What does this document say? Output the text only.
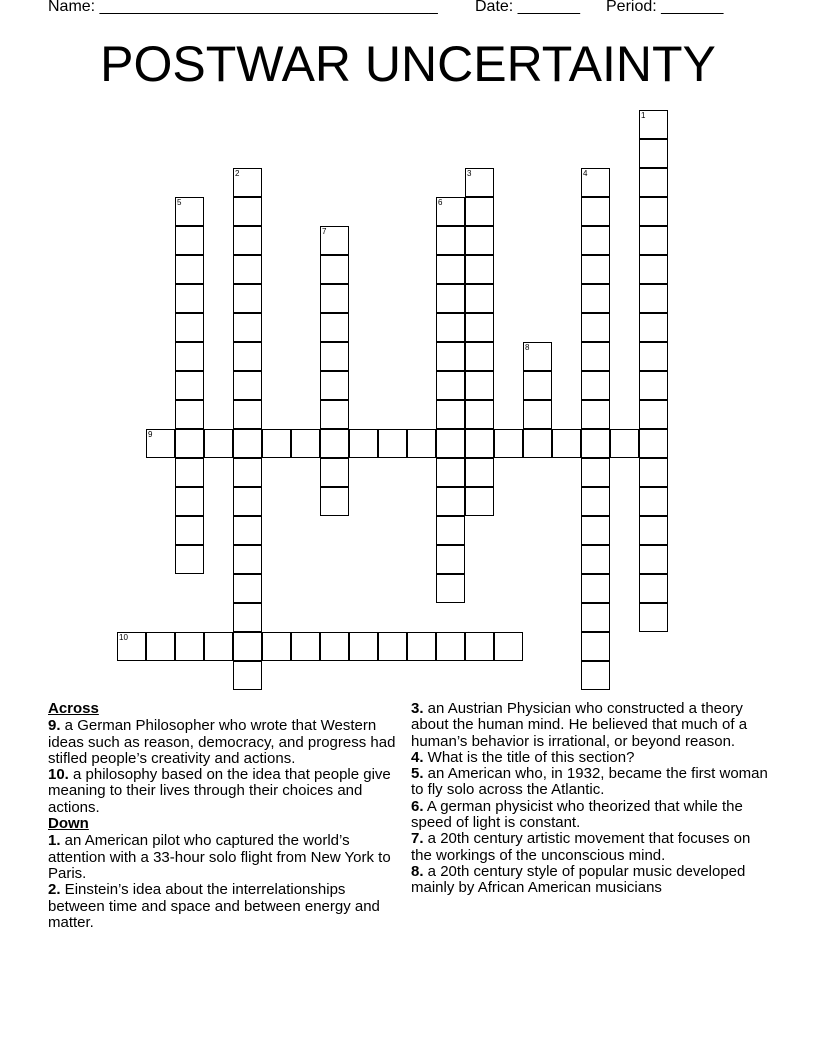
Name: ______________________________________ Date: _______ Period: _______
POSTWAR UNCERTAINTY
1
2	3	4
5	6
7
8
9
10
Across
9. a German Philosopher who wrote that Western ideas such as reason, democracy, and progress had stifled people’s creativity and actions.
10. a philosophy based on the idea that people give meaning to their lives through their choices and actions.
Down
1. an American pilot who captured the world’s attention with a 33-hour solo flight from New York to Paris.
2. Einstein’s idea about the interrelationships between time and space and between energy and matter.
3. an Austrian Physician who constructed a theory about the human mind. He believed that much of a human’s behavior is irrational, or beyond reason.
4. What is the title of this section?
5. an American who, in 1932, became the first woman to fly solo across the Atlantic.
6. A german physicist who theorized that while the speed of light is constant.
7. a 20th century artistic movement that focuses on the workings of the unconscious mind.
8. a 20th century style of popular music developed mainly by African American musicians
